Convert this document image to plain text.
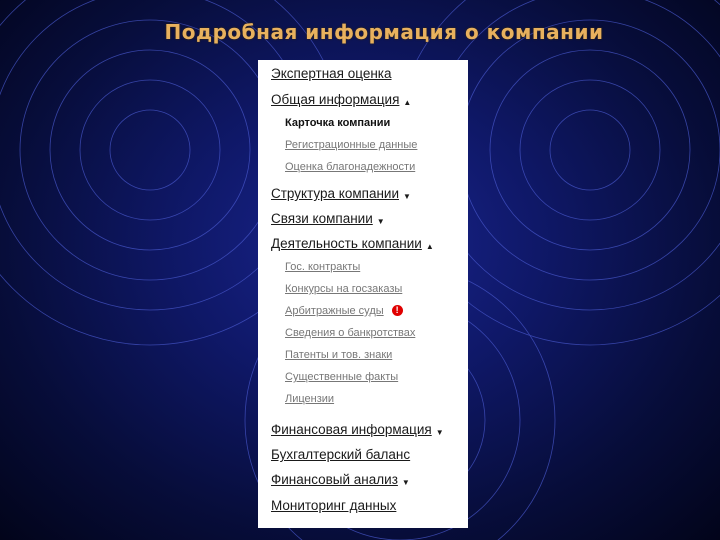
Подробная информация о компании
Экспертная оценка
Общая информация ▲
Карточка компании
Регистрационные данные
Оценка благонадежности
Структура компании ▼
Связи компании ▼
Деятельность компании ▲
Гос. контракты
Конкурсы на госзаказы
Арбитражные суды !
Сведения о банкротствах
Патенты и тов. знаки
Существенные факты
Лицензии
Финансовая информация ▼
Бухгалтерский баланс
Финансовый анализ ▼
Мониторинг данных
